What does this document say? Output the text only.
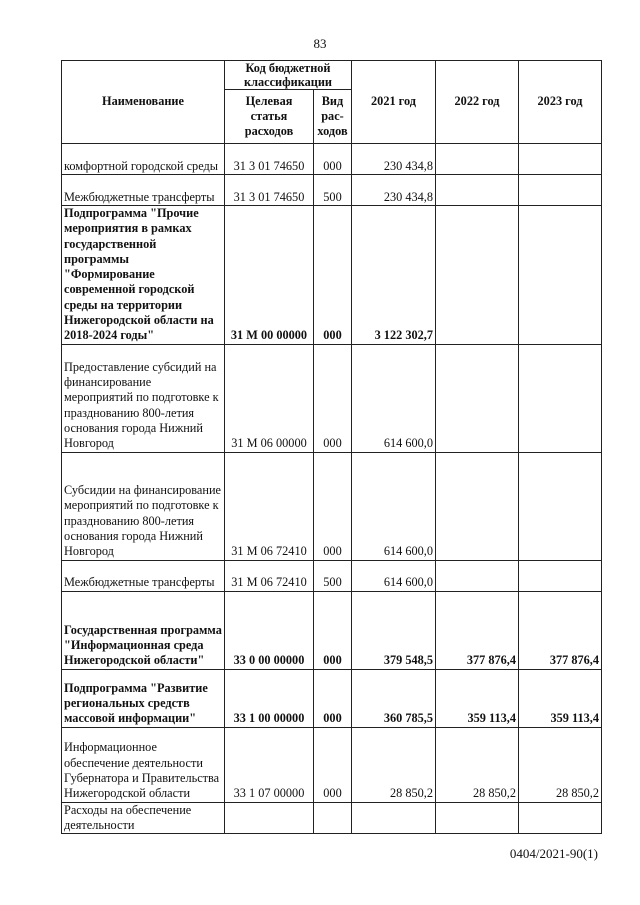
83
Наименование	Код бюджетной классификации		2021 год	2022 год	2023 год
	Целевая статья расходов	Вид рас-ходов			
комфортной городской среды	31 3 01 74650	000	230 434,8		
Межбюджетные трансферты	31 3 01 74650	500	230 434,8		
Подпрограмма "Прочие мероприятия в рамках государственной программы "Формирование современной городской среды на территории Нижегородской области на 2018-2024 годы"	31 М 00 00000	000	3 122 302,7		
Предоставление субсидий на финансирование мероприятий по подготовке к празднованию 800-летия основания города Нижний Новгород	31 М 06 00000	000	614 600,0		
Субсидии на финансирование мероприятий по подготовке к празднованию 800-летия основания города Нижний Новгород	31 М 06 72410	000	614 600,0		
Межбюджетные трансферты	31 М 06 72410	500	614 600,0		
Государственная программа "Информационная среда Нижегородской области"	33 0 00 00000	000	379 548,5	377 876,4	377 876,4
Подпрограмма "Развитие региональных средств массовой информации"	33 1 00 00000	000	360 785,5	359 113,4	359 113,4
Информационное обеспечение деятельности Губернатора и Правительства Нижегородской области	33 1 07 00000	000	28 850,2	28 850,2	28 850,2
Расходы на обеспечение деятельности					
0404/2021-90(1)
